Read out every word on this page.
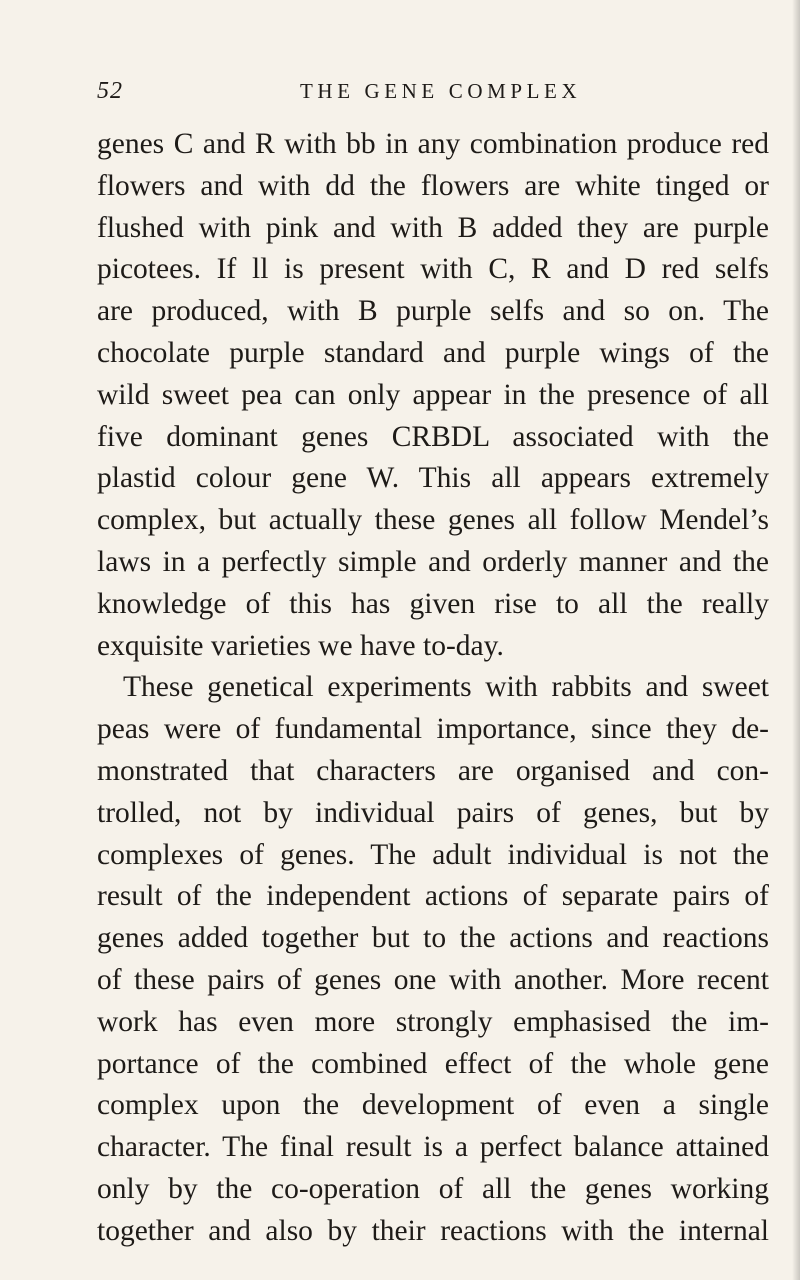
52	THE GENE COMPLEX
genes C and R with bb in any combination produce red
flowers and with dd the flowers are white tinged or
flushed with pink and with B added they are purple
picotees. If ll is present with C, R and D red selfs
are produced, with B purple selfs and so on. The
chocolate purple standard and purple wings of the
wild sweet pea can only appear in the presence of all
five dominant genes CRBDL associated with the
plastid colour gene W. This all appears extremely
complex, but actually these genes all follow Mendel’s
laws in a perfectly simple and orderly manner and the
knowledge of this has given rise to all the really
exquisite varieties we have to-day.
These genetical experiments with rabbits and sweet
peas were of fundamental importance, since they de-
monstrated that characters are organised and con-
trolled, not by individual pairs of genes, but by
complexes of genes. The adult individual is not the
result of the independent actions of separate pairs of
genes added together but to the actions and reactions
of these pairs of genes one with another. More recent
work has even more strongly emphasised the im-
portance of the combined effect of the whole gene
complex upon the development of even a single
character. The final result is a perfect balance attained
only by the co-operation of all the genes working
together and also by their reactions with the internal
